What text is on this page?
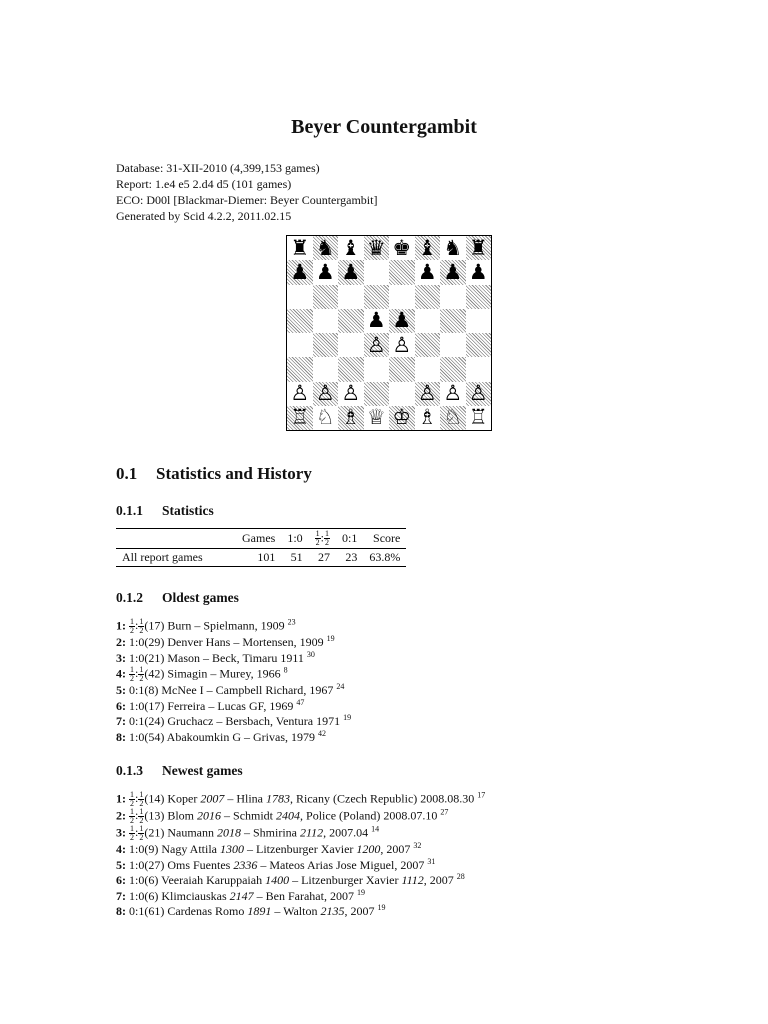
Beyer Countergambit
Database: 31-XII-2010 (4,399,153 games)
Report: 1.e4 e5 2.d4 d5 (101 games)
ECO: D00l [Blackmar-Diemer: Beyer Countergambit]
Generated by Scid 4.2.2, 2011.02.15
♜ ♞ ♝ ♛ ♚ ♝ ♞ ♜
♟ ♟ ♟	♟ ♟ ♟
♟ ♟
♙ ♙
♙ ♙ ♙	♙ ♙ ♙
♖ ♘ ♗ ♕ ♔ ♗ ♘ ♖
0.1 Statistics and History
0.1.1 Statistics
	Games	1:0	$\frac{1}{2}$ : $\frac{1}{2}$	0:1	Score
All report games	101	51	27	23	63.8%
0.1.2 Oldest games
1: $\frac{1}{2}$ : $\frac{1}{2} (17)$ Burn – Spielmann, 1909 $^{23}$
2: 1:0(29) Denver Hans – Mortensen, 1909 $^{19}$
3: 1:0(21) Mason – Beck, Timaru 1911 $^{30}$
4: $\frac{1}{2}$ : $\frac{1}{2} (42)$ Simagin – Murey, 1966 $^8$
5: 0:1(8) McNee I – Campbell Richard, 1967 $^{24}$
6: 1:0(17) Ferreira – Lucas GF, 1969 $^{47}$
7: 0:1(24) Gruchacz – Bersbach, Ventura 1971 $^{19}$
8: 1:0(54) Abakoumkin G – Grivas, 1979 $^{42}$
0.1.3 Newest games
1: $\frac{1}{2}$ : $\frac{1}{2} (14)$ Koper 2007 – Hlina 1783, Ricany (Czech Republic) 2008.08.30 $^{17}$
2: $\frac{1}{2}$ : $\frac{1}{2} (13)$ Blom 2016 – Schmidt 2404, Police (Poland) 2008.07.10 $^{27}$
3: $\frac{1}{2}$ : $\frac{1}{2} (21)$ Naumann 2018 – Shmirina 2112, 2007.04 $^{14}$
4: 1:0(9) Nagy Attila 1300 – Litzenburger Xavier 1200, 2007 $^{32}$
5: 1:0(27) Oms Fuentes 2336 – Mateos Arias Jose Miguel, 2007 $^{31}$
6: 1:0(6) Veeraiah Karuppaiah 1400 – Litzenburger Xavier 1112, 2007 $^{28}$
7: 1:0(6) Klimciauskas 2147 – Ben Farahat, 2007 $^{19}$
8: 0:1(61) Cardenas Romo 1891 – Walton 2135, 2007 $^{19}$
